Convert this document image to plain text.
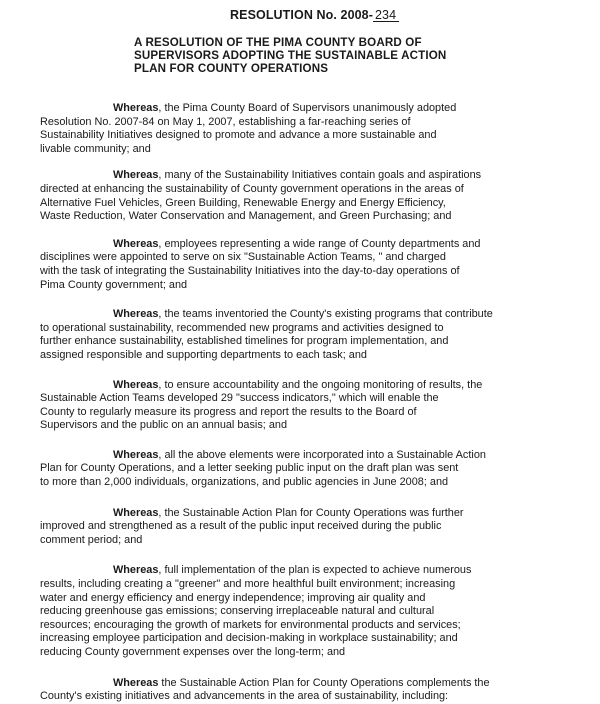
RESOLUTION No. 2008- 234
A RESOLUTION OF THE PIMA COUNTY BOARD OF
SUPERVISORS ADOPTING THE SUSTAINABLE ACTION
PLAN FOR COUNTY OPERATIONS
Whereas, the Pima County Board of Supervisors unanimously adopted
Resolution No. 2007-84 on May 1, 2007, establishing a far-reaching series of
Sustainability Initiatives designed to promote and advance a more sustainable and
livable community; and
Whereas, many of the Sustainability Initiatives contain goals and aspirations
directed at enhancing the sustainability of County government operations in the areas of
Alternative Fuel Vehicles, Green Building, Renewable Energy and Energy Efficiency,
Waste Reduction, Water Conservation and Management, and Green Purchasing; and
Whereas, employees representing a wide range of County departments and
disciplines were appointed to serve on six "Sustainable Action Teams, " and charged
with the task of integrating the Sustainability Initiatives into the day-to-day operations of
Pima County government; and
Whereas, the teams inventoried the County's existing programs that contribute
to operational sustainability, recommended new programs and activities designed to
further enhance sustainability, established timelines for program implementation, and
assigned responsible and supporting departments to each task; and
Whereas, to ensure accountability and the ongoing monitoring of results, the
Sustainable Action Teams developed 29 "success indicators," which will enable the
County to regularly measure its progress and report the results to the Board of
Supervisors and the public on an annual basis; and
Whereas, all the above elements were incorporated into a Sustainable Action
Plan for County Operations, and a letter seeking public input on the draft plan was sent
to more than 2,000 individuals, organizations, and public agencies in June 2008; and
Whereas, the Sustainable Action Plan for County Operations was further
improved and strengthened as a result of the public input received during the public
comment period; and
Whereas, full implementation of the plan is expected to achieve numerous
results, including creating a "greener" and more healthful built environment; increasing
water and energy efficiency and energy independence; improving air quality and
reducing greenhouse gas emissions; conserving irreplaceable natural and cultural
resources; encouraging the growth of markets for environmental products and services;
increasing employee participation and decision-making in workplace sustainability; and
reducing County government expenses over the long-term; and
Whereas the Sustainable Action Plan for County Operations complements the
County's existing initiatives and advancements in the area of sustainability, including:
